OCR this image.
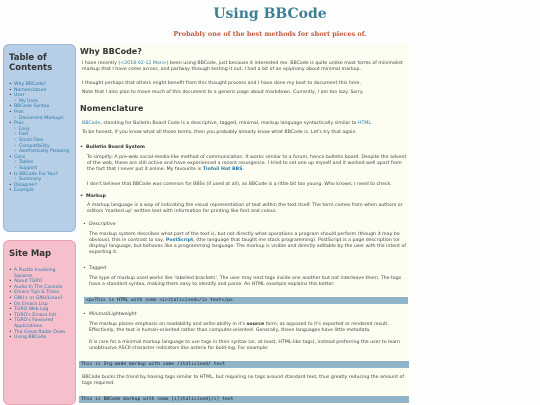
Using BBCode
Probably one of the best methods for short pieces of.
Table of Contents
• Why BBCode?
• Nomenclature
• User
◦ My Uses
• BBCode Syntax
• Pros
◦ Document Markups
• Pros
◦ Easy
◦ Fast
◦ Small Files
◦ Compatibility
◦ Aesthetically Pleasing
• Cons
◦ Tables
◦ Support
• Is BBCode For You?
◦ Summary
• Disagree?
• Example
Site Map
• A Puzzle Involving Squares
• About TGRO
• Audio In The Console
• Emacs Tips & Tricks
• GNU+ or GNU/Linux?
• On Emacs Lisp
• TGRO Web Log
• TGRO's Emacs Init
• TGRO's Favoured Applications
• The Great Radar Oven
• Using BBCode
Why BBCode?
I have recently (<2018-02-12 Mon>) been using BBCode, just because it interested me. BBCode is quite unlike most forms of minimalist markup that I have come across, and partway through testing it out, I had a bit of an epiphany about minimal markup.
I thought perhaps that others might benefit from this thought process and I have done my best to document this here.
Note that I also plan to move much of this document to a generic page about markdown. Currently, I am too lazy. Sorry.
Nomenclature
BBCode, standing for Bulletin Board Code is a descriptive, tagged, minimal, markup language syntactically similar to HTML.
To be honest, if you know what all those terms, then you probably already know what BBCode is. Let's try that again.
• Bulletin Board System
To simplify: A pre-web social-media-like method of communication. It works similar to a forum, hence bulletin board. Despite the advent of the web, these are still active and have experienced a recent resurgence. I tried to set one up myself and it worked well apart from the fact that I never put it online. My favourite is Tinfoil Hat BBS.
I don't believe that BBCode was common for BBSs (if used at all), as BBCode is a little bit too young. Who knows; I need to check.
• Markup
A markup language is a way of indicating the visual representation of text within the text itself. The term comes from when authors or editors 'marked up' written text with information for printing like font and colour.
• Descriptive
The markup system describes what part of the text is, but not directly what operations a program should perform (though it may be obvious), this in contrast to say, PostScript, (the language that taught me stack programming). PostScript is a page description (or display) language, but behaves like a programming language. The markup is visible and directly editable by the user with the intent of exporting it.
• Tagged
The type of markup used works like 'labelled brackets'. The user may nest tags inside one another but not interleave them. The tags have a standard syntax, making them easy to identify and parse. An HTML example explains this better:
<p>This is HTML with some <i>italicised</i> text</p>
• Minimal/Lightweight
The markup places emphasis on readability and write-ability in it's source form, as opposed to it's exported or rendered result. Effectively, the text is human-oriented rather than computer-oriented. Generally, these languages have little metadata.
It is rare for a minimal markup language to use tags in their syntax (or, at least, HTML-like tags), instead preferring the user to learn unobtrusive ASCII-character indicators like asterix for bold-ing. For example:
This is Org-mode markup with some /italicised/ text
BBCode bucks the trend by having tags similar to HTML, but requiring no tags around standard text, thus greatly reducing the amount of tags required.
This is BBCode markup with some [i]italicised[/i] text
